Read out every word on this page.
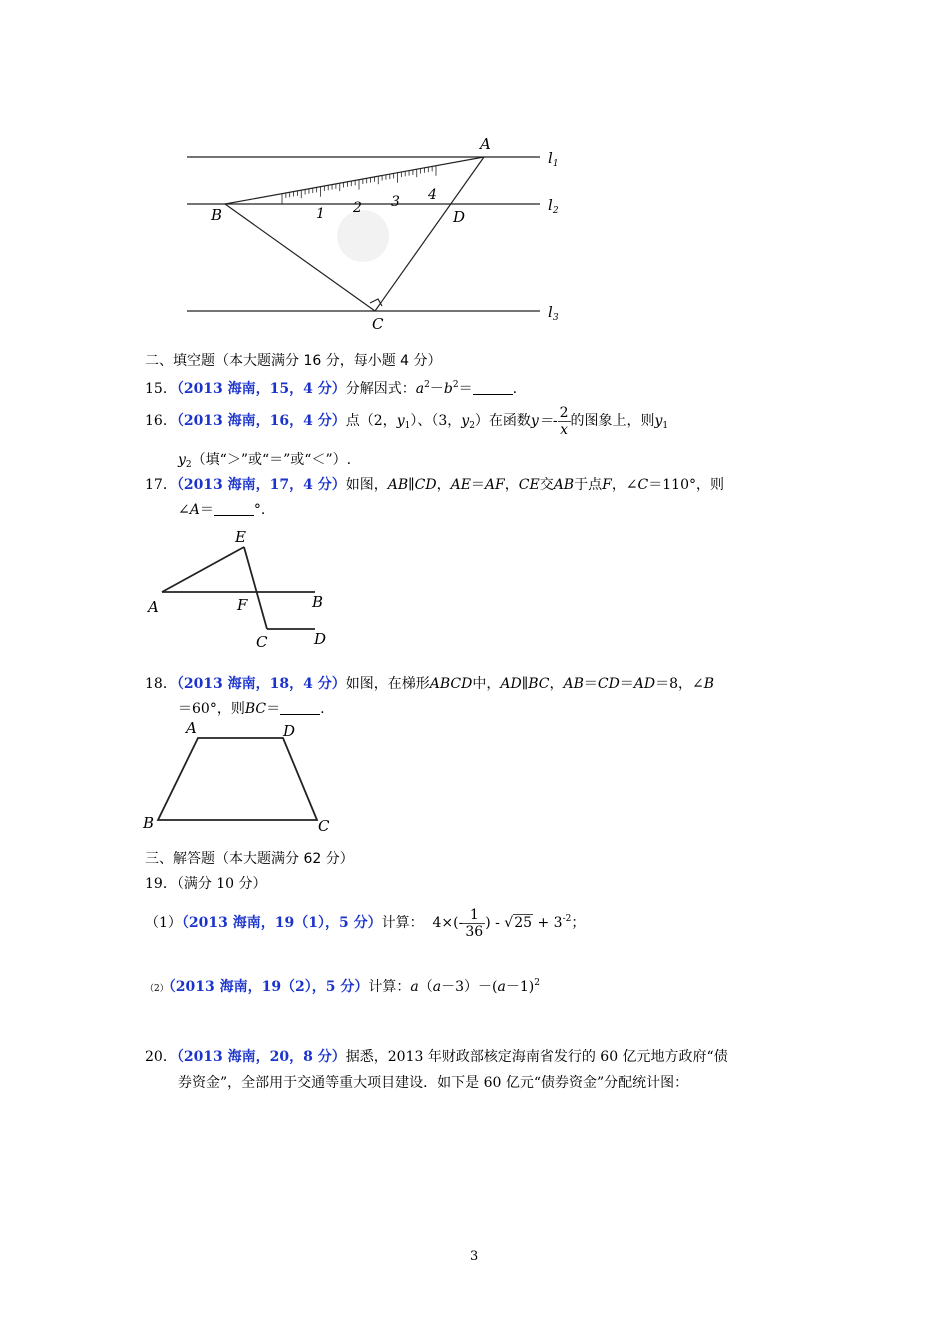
1 2 3 4
A
B	D
C
$l_1$
$l_2$
$l_3$
二、填空题（本大题满分 16 分，每小题 4 分）
15．（2013 海南，15，4 分）分解因式：$a^2-b^2=$	.
16．（2013 海南，16，4 分）点（2，$y_1$）、（3，$y_2$）在函数$y=- \frac{2}{x}$ 的图象上，则$y_1$
$y_2$（填“＞”或“＝”或“＜”）.
17．（2013 海南，17，4 分）如图，AB∥CD，AE＝AF，CE交AB于点F，∠C＝110°，则
∠A＝	°.
E
A	F	B
C	D
18．（2013 海南，18，4 分）如图，在梯形ABCD中，AD∥BC，AB＝CD＝AD＝8，∠B
＝60°，则BC＝	.
A	D
B	C
三、解答题（本大题满分 62 分）
19．（满分 10 分）
（1）（2013 海南，19（1），5 分）计算： $4\times(- \frac{1}{36}$ ) - $√25 + 3^{-2}$；
（2）（2013 海南，19（2），5 分）计算：$a(a-3)-(a-1)^2$
20．（2013 海南，20，8 分）据悉，2013 年财政部核定海南省发行的 60 亿元地方政府“债
券资金”，全部用于交通等重大项目建设．如下是 60 亿元“债券资金”分配统计图：
3
